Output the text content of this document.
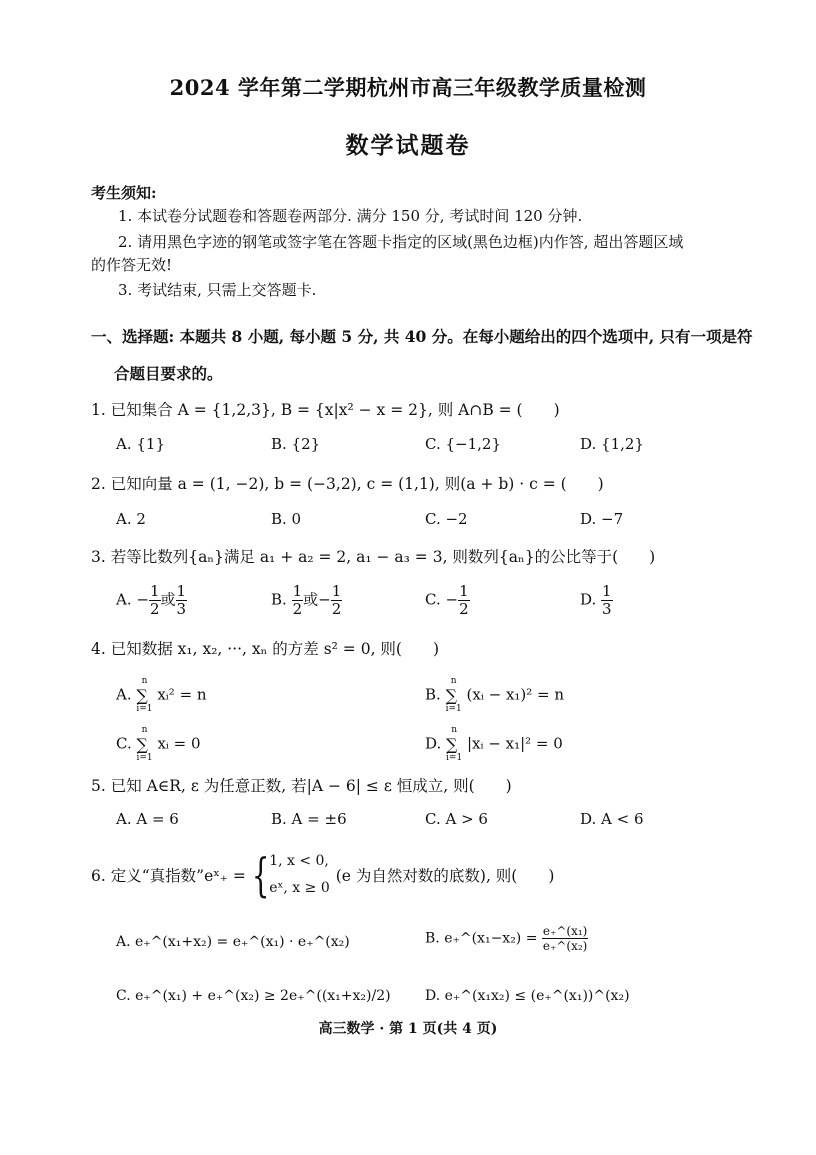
2024 学年第二学期杭州市高三年级教学质量检测
数学试题卷
考生须知:
1. 本试卷分试题卷和答题卷两部分. 满分 150 分, 考试时间 120 分钟.
2. 请用黑色字迹的钢笔或签字笔在答题卡指定的区域(黑色边框)内作答, 超出答题区域
的作答无效!
3. 考试结束, 只需上交答题卡.
一、选择题: 本题共 8 小题, 每小题 5 分, 共 40 分。在每小题给出的四个选项中, 只有一项是符
合题目要求的。
1. 已知集合 A = {1,2,3}, B = {x|x² − x = 2}, 则 A∩B = (　　)
A. {1}	B. {2}	C. {−1,2}	D. {1,2}
2. 已知向量 a = (1, −2), b = (−3,2), c = (1,1), 则(a + b) · c = (　　)
A. 2	B. 0	C. −2	D. −7
3. 若等比数列{aₙ}满足 a₁ + a₂ = 2, a₁ − a₃ = 3, 则数列{aₙ}的公比等于(　　)
A. − $\frac{1}{2}$ 或 $\frac{1}{3}$	B. $\frac{1}{2}$ 或− $\frac{1}{2}$	C. − $\frac{1}{2}$	D. $\frac{1}{3}$
4. 已知数据 x₁, x₂, ···, xₙ 的方差 s² = 0, 则(　　)
A.
n
∑
i=1
xᵢ² = n	B.
n
∑
i=1
(xᵢ − x₁)² = n
C.
n
∑
i=1
xᵢ = 0	D.
n
∑
i=1
|xᵢ − x₁|² = 0
5. 已知 A∈R, ε 为任意正数, 若|A − 6| ≤ ε 恒成立, 则(　　)
A. A = 6	B. A = ±6	C. A > 6	D. A < 6
6. 定义“真指数”eˣ₊ = { 1, x < 0,
eˣ, x ≥ 0
(e 为自然对数的底数), 则(　　)
A. e₊^(x₁+x₂) = e₊^(x₁) · e₊^(x₂)	B. e₊^(x₁−x₂) = $\frac{\text{e₊\textasciicircum{}(x₁)}}{\text{e₊\textasciicircum{}(x₂)}}$
C. e₊^(x₁) + e₊^(x₂) ≥ 2e₊^((x₁+x₂)/2) D. e₊^(x₁x₂) ≤ (e₊^(x₁))^(x₂)
高三数学 · 第 1 页(共 4 页)
